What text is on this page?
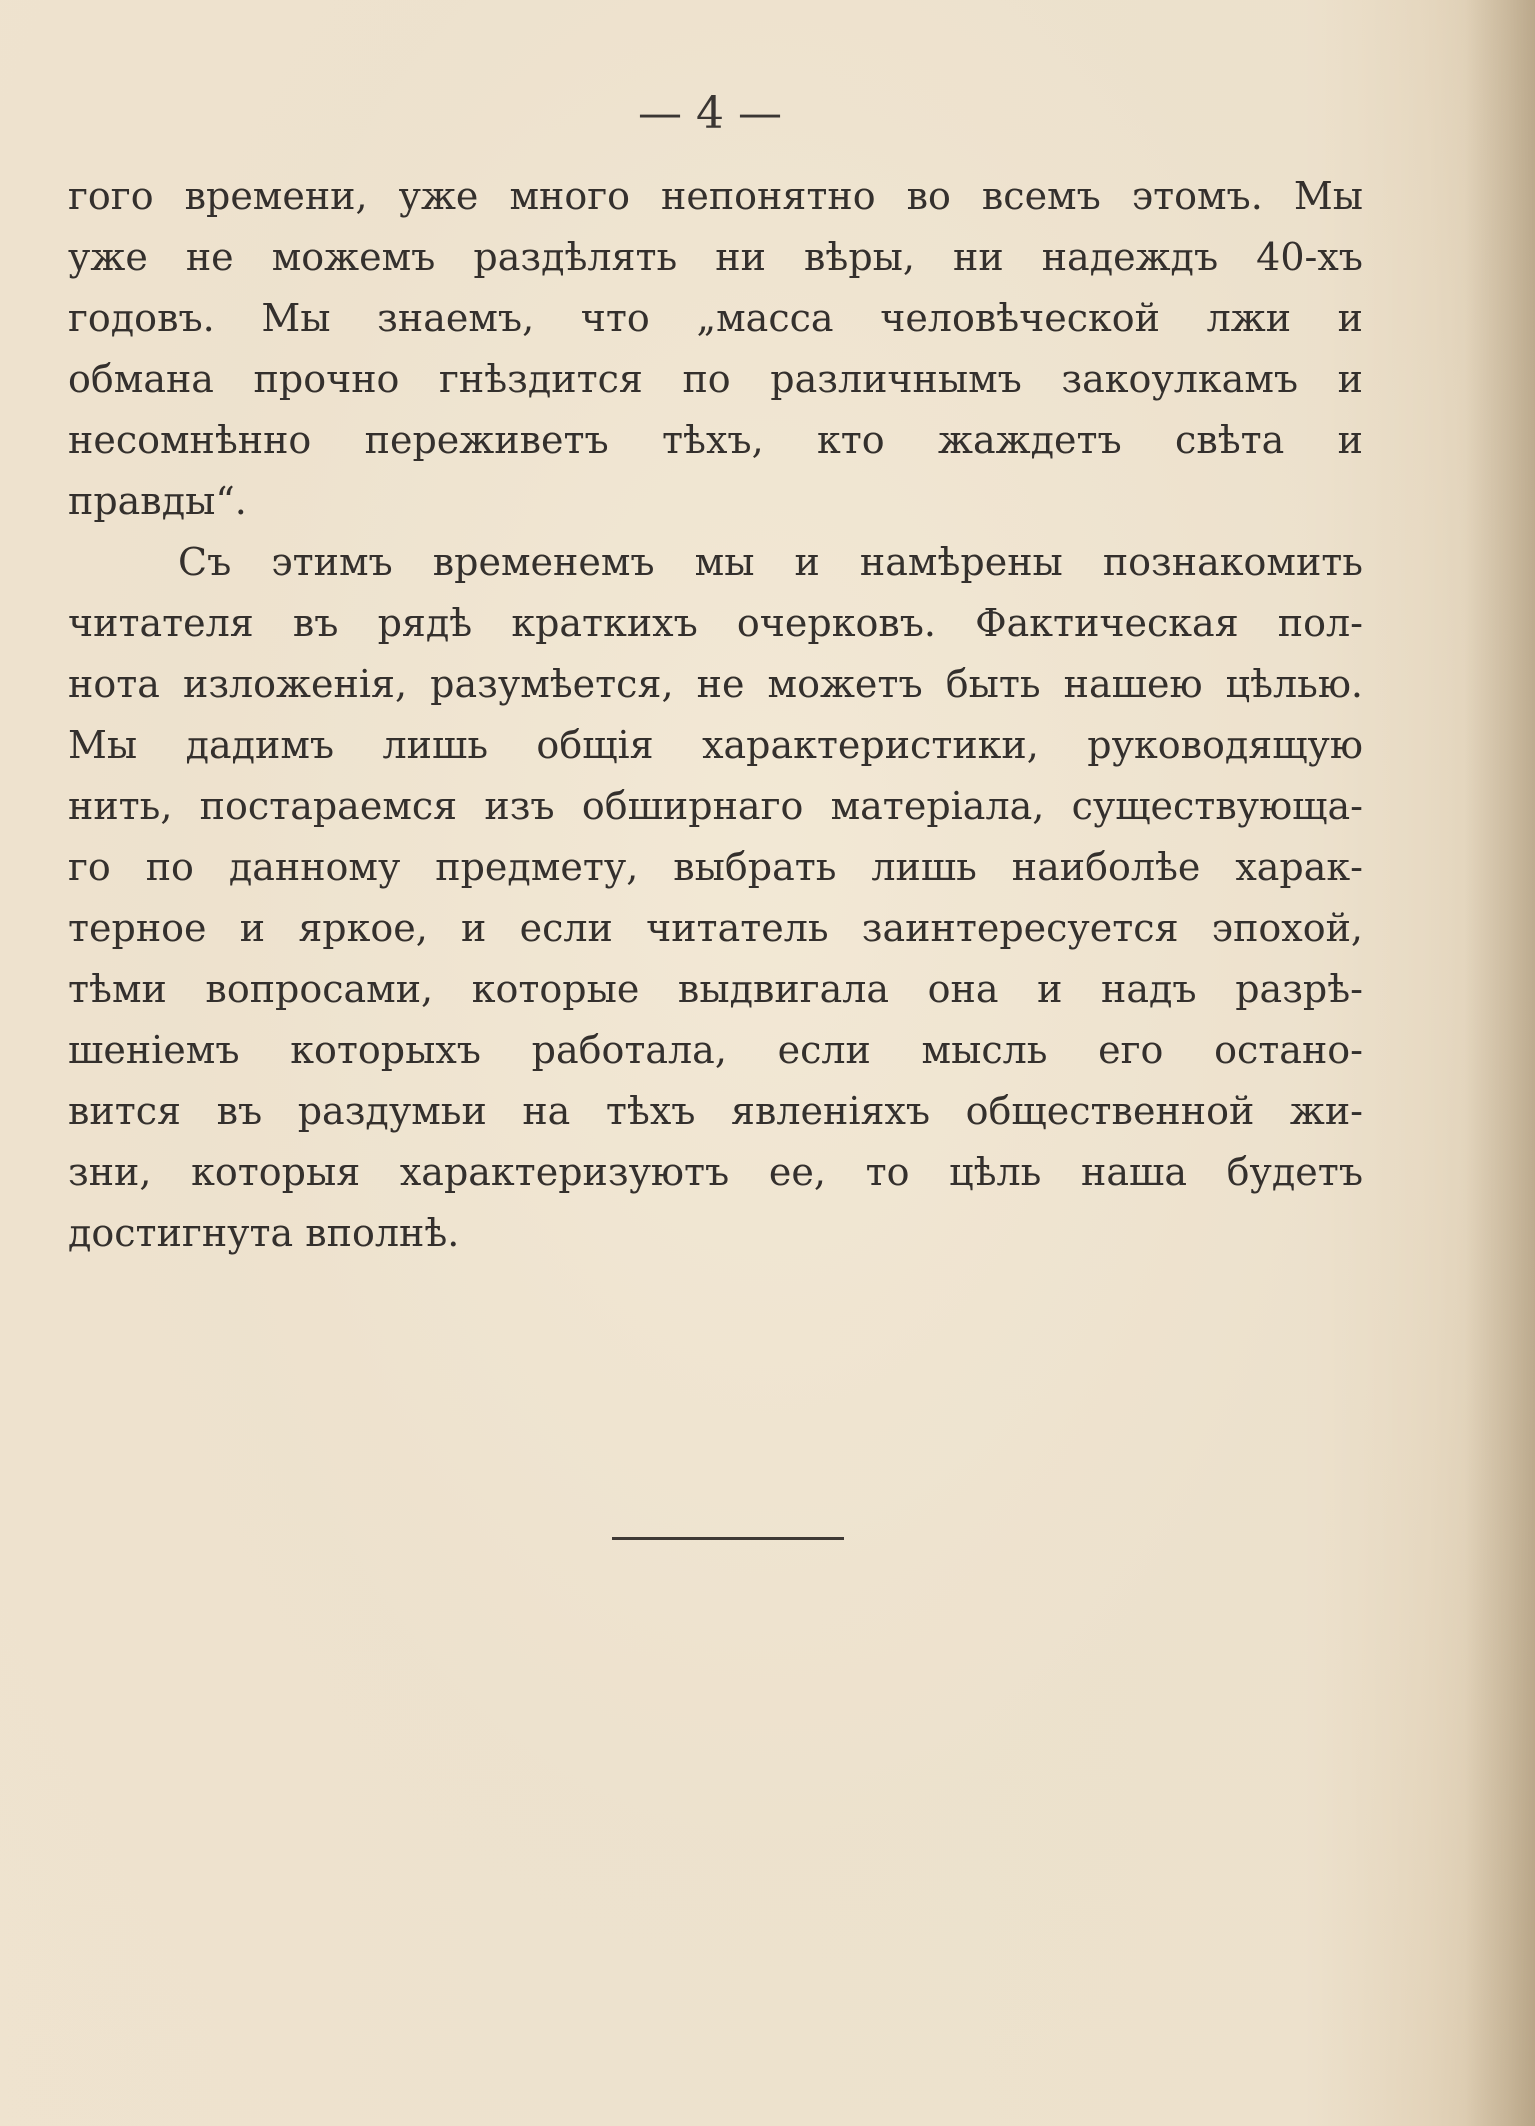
— 4 —
гого времени, уже много непонятно во всемъ этомъ. Мы
уже не можемъ раздѣлять ни вѣры, ни надеждъ 40-хъ
годовъ. Мы знаемъ, что „масса человѣческой лжи и
обмана прочно гнѣздится по различнымъ закоулкамъ и
несомнѣнно переживетъ тѣхъ, кто жаждетъ свѣта и
правды“.
Съ этимъ временемъ мы и намѣрены познакомить
читателя въ рядѣ краткихъ очерковъ. Фактическая пол-
нота изложенія, разумѣется, не можетъ быть нашею цѣлью.
Мы дадимъ лишь общія характеристики, руководящую
нить, постараемся изъ обширнаго матеріала, существующа-
го по данному предмету, выбрать лишь наиболѣе харак-
терное и яркое, и если читатель заинтересуется эпохой,
тѣми вопросами, которые выдвигала она и надъ разрѣ-
шеніемъ которыхъ работала, если мысль его остано-
вится въ раздумьи на тѣхъ явленіяхъ общественной жи-
зни, которыя характеризуютъ ее, то цѣль наша будетъ
достигнута вполнѣ.
